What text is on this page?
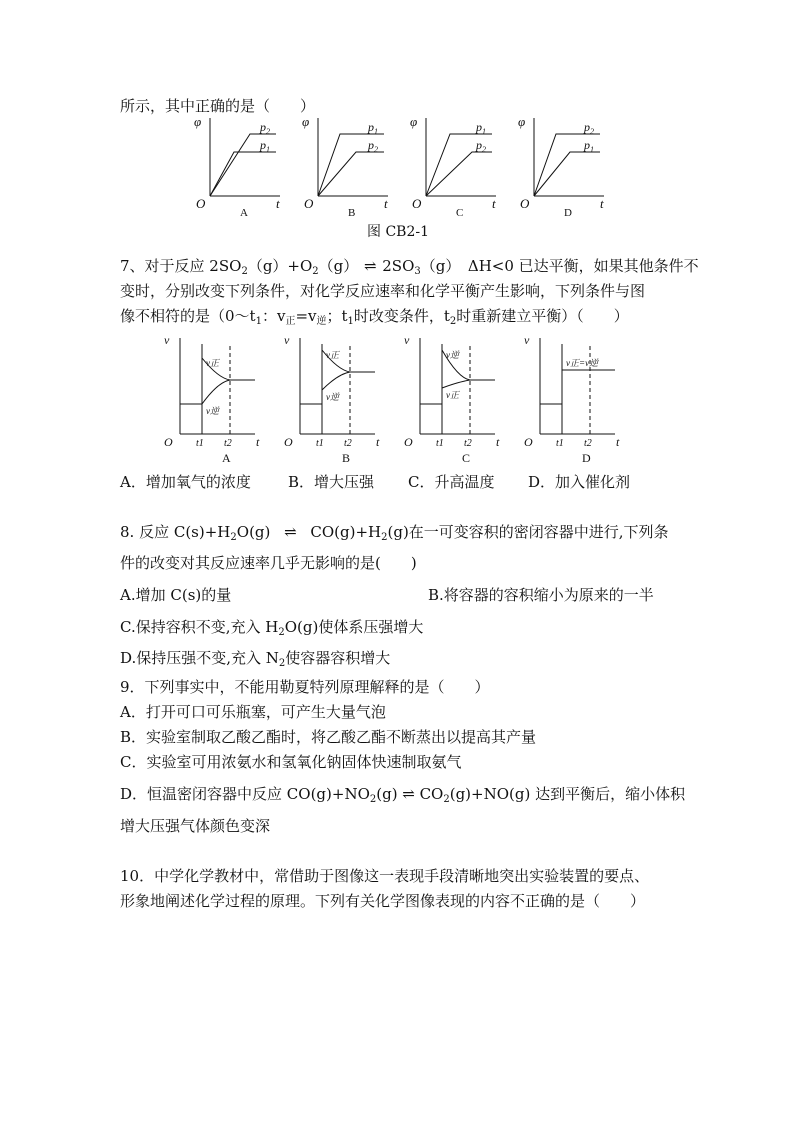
所示，其中正确的是（　　）
φ
O	t
A
$p_2$
$p_1$
φ
O	t
B
$p_1$
$p_2$
φ
O	t
C
$p_1$
$p_2$
φ
O	t
D
$p_2$
$p_1$
图 CB2-1
7、对于反应 $2SO_2(g)+O_2(g)$ ⇌ $2SO_3(g)$　ΔH<0 已达平衡，如果其他条件不
变时，分别改变下列条件，对化学反应速率和化学平衡产生影响，下列条件与图
像不相符的是（$0\sim t_1$：$v_正=v_逆$；$t_1$时改变条件，$t_2$时重新建立平衡）（　　）
v
O	t
t1 t2
A
v正
v逆
v
O	t
t1 t2
B
v正
v逆
v
O	t
t1 t2
C
v逆
v正
v
O	t
t1 t2
D
v正=v逆
A．增加氧气的浓度 B．增大压强 C．升高温度 D．加入催化剂
8. 反应 $C(s)+H_2O(g)$ ⇌ $CO(g)+H_2(g)$在一可变容积的密闭容器中进行,下列条
件的改变对其反应速率几乎无影响的是(　　)
A.增加 C(s)的量	B.将容器的容积缩小为原来的一半
C.保持容积不变,充入 $H_2O(g)$使体系压强增大
D.保持压强不变,充入 $N_2$使容器容积增大
9．下列事实中，不能用勒夏特列原理解释的是（　　）
A．打开可口可乐瓶塞，可产生大量气泡
B．实验室制取乙酸乙酯时，将乙酸乙酯不断蒸出以提高其产量
C．实验室可用浓氨水和氢氧化钠固体快速制取氨气
D．恒温密闭容器中反应 $CO(g)+NO_2(g)$ ⇌ $CO_2(g)+NO(g)$ 达到平衡后，缩小体积
增大压强气体颜色变深
10．中学化学教材中，常借助于图像这一表现手段清晰地突出实验装置的要点、
形象地阐述化学过程的原理。下列有关化学图像表现的内容不正确的是（　　）
